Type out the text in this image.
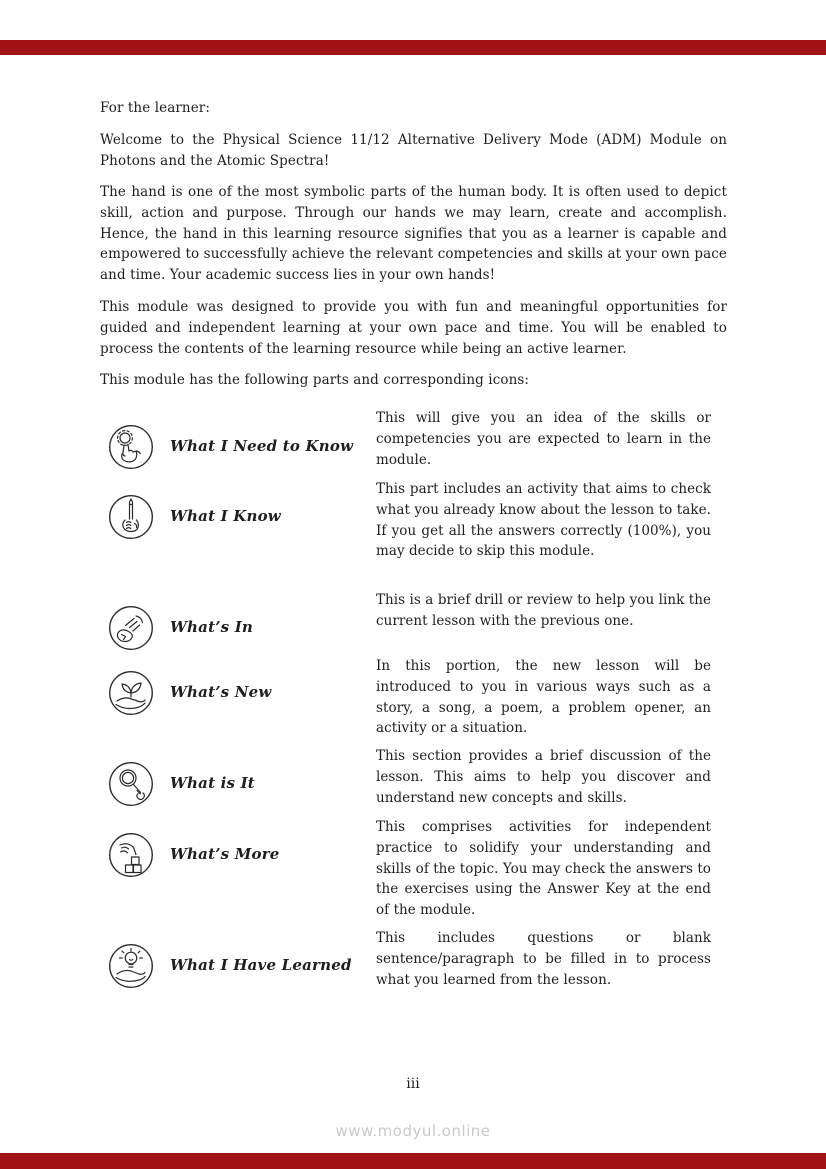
For the learner:

Welcome to the Physical Science 11/12 Alternative Delivery Mode (ADM) Module on Photons and the Atomic Spectra!

The hand is one of the most symbolic parts of the human body. It is often used to depict skill, action and purpose. Through our hands we may learn, create and accomplish. Hence, the hand in this learning resource signifies that you as a learner is capable and empowered to successfully achieve the relevant competencies and skills at your own pace and time. Your academic success lies in your own hands!

This module was designed to provide you with fun and meaningful opportunities for guided and independent learning at your own pace and time. You will be enabled to process the contents of the learning resource while being an active learner.

This module has the following parts and corresponding icons:

What I Need to Know

This will give you an idea of the skills or competencies you are expected to learn in the module.

What I Know

This part includes an activity that aims to check what you already know about the lesson to take. If you get all the answers correctly (100%), you may decide to skip this module.

What’s In

This is a brief drill or review to help you link the current lesson with the previous one.

What’s New

In this portion, the new lesson will be introduced to you in various ways such as a story, a song, a poem, a problem opener, an activity or a situation.

What is It

This section provides a brief discussion of the lesson. This aims to help you discover and understand new concepts and skills.

What’s More

This comprises activities for independent practice to solidify your understanding and skills of the topic. You may check the answers to the exercises using the Answer Key at the end of the module.

What I Have Learned

This includes questions or blank sentence/paragraph to be filled in to process what you learned from the lesson.

iii

www.modyul.online
